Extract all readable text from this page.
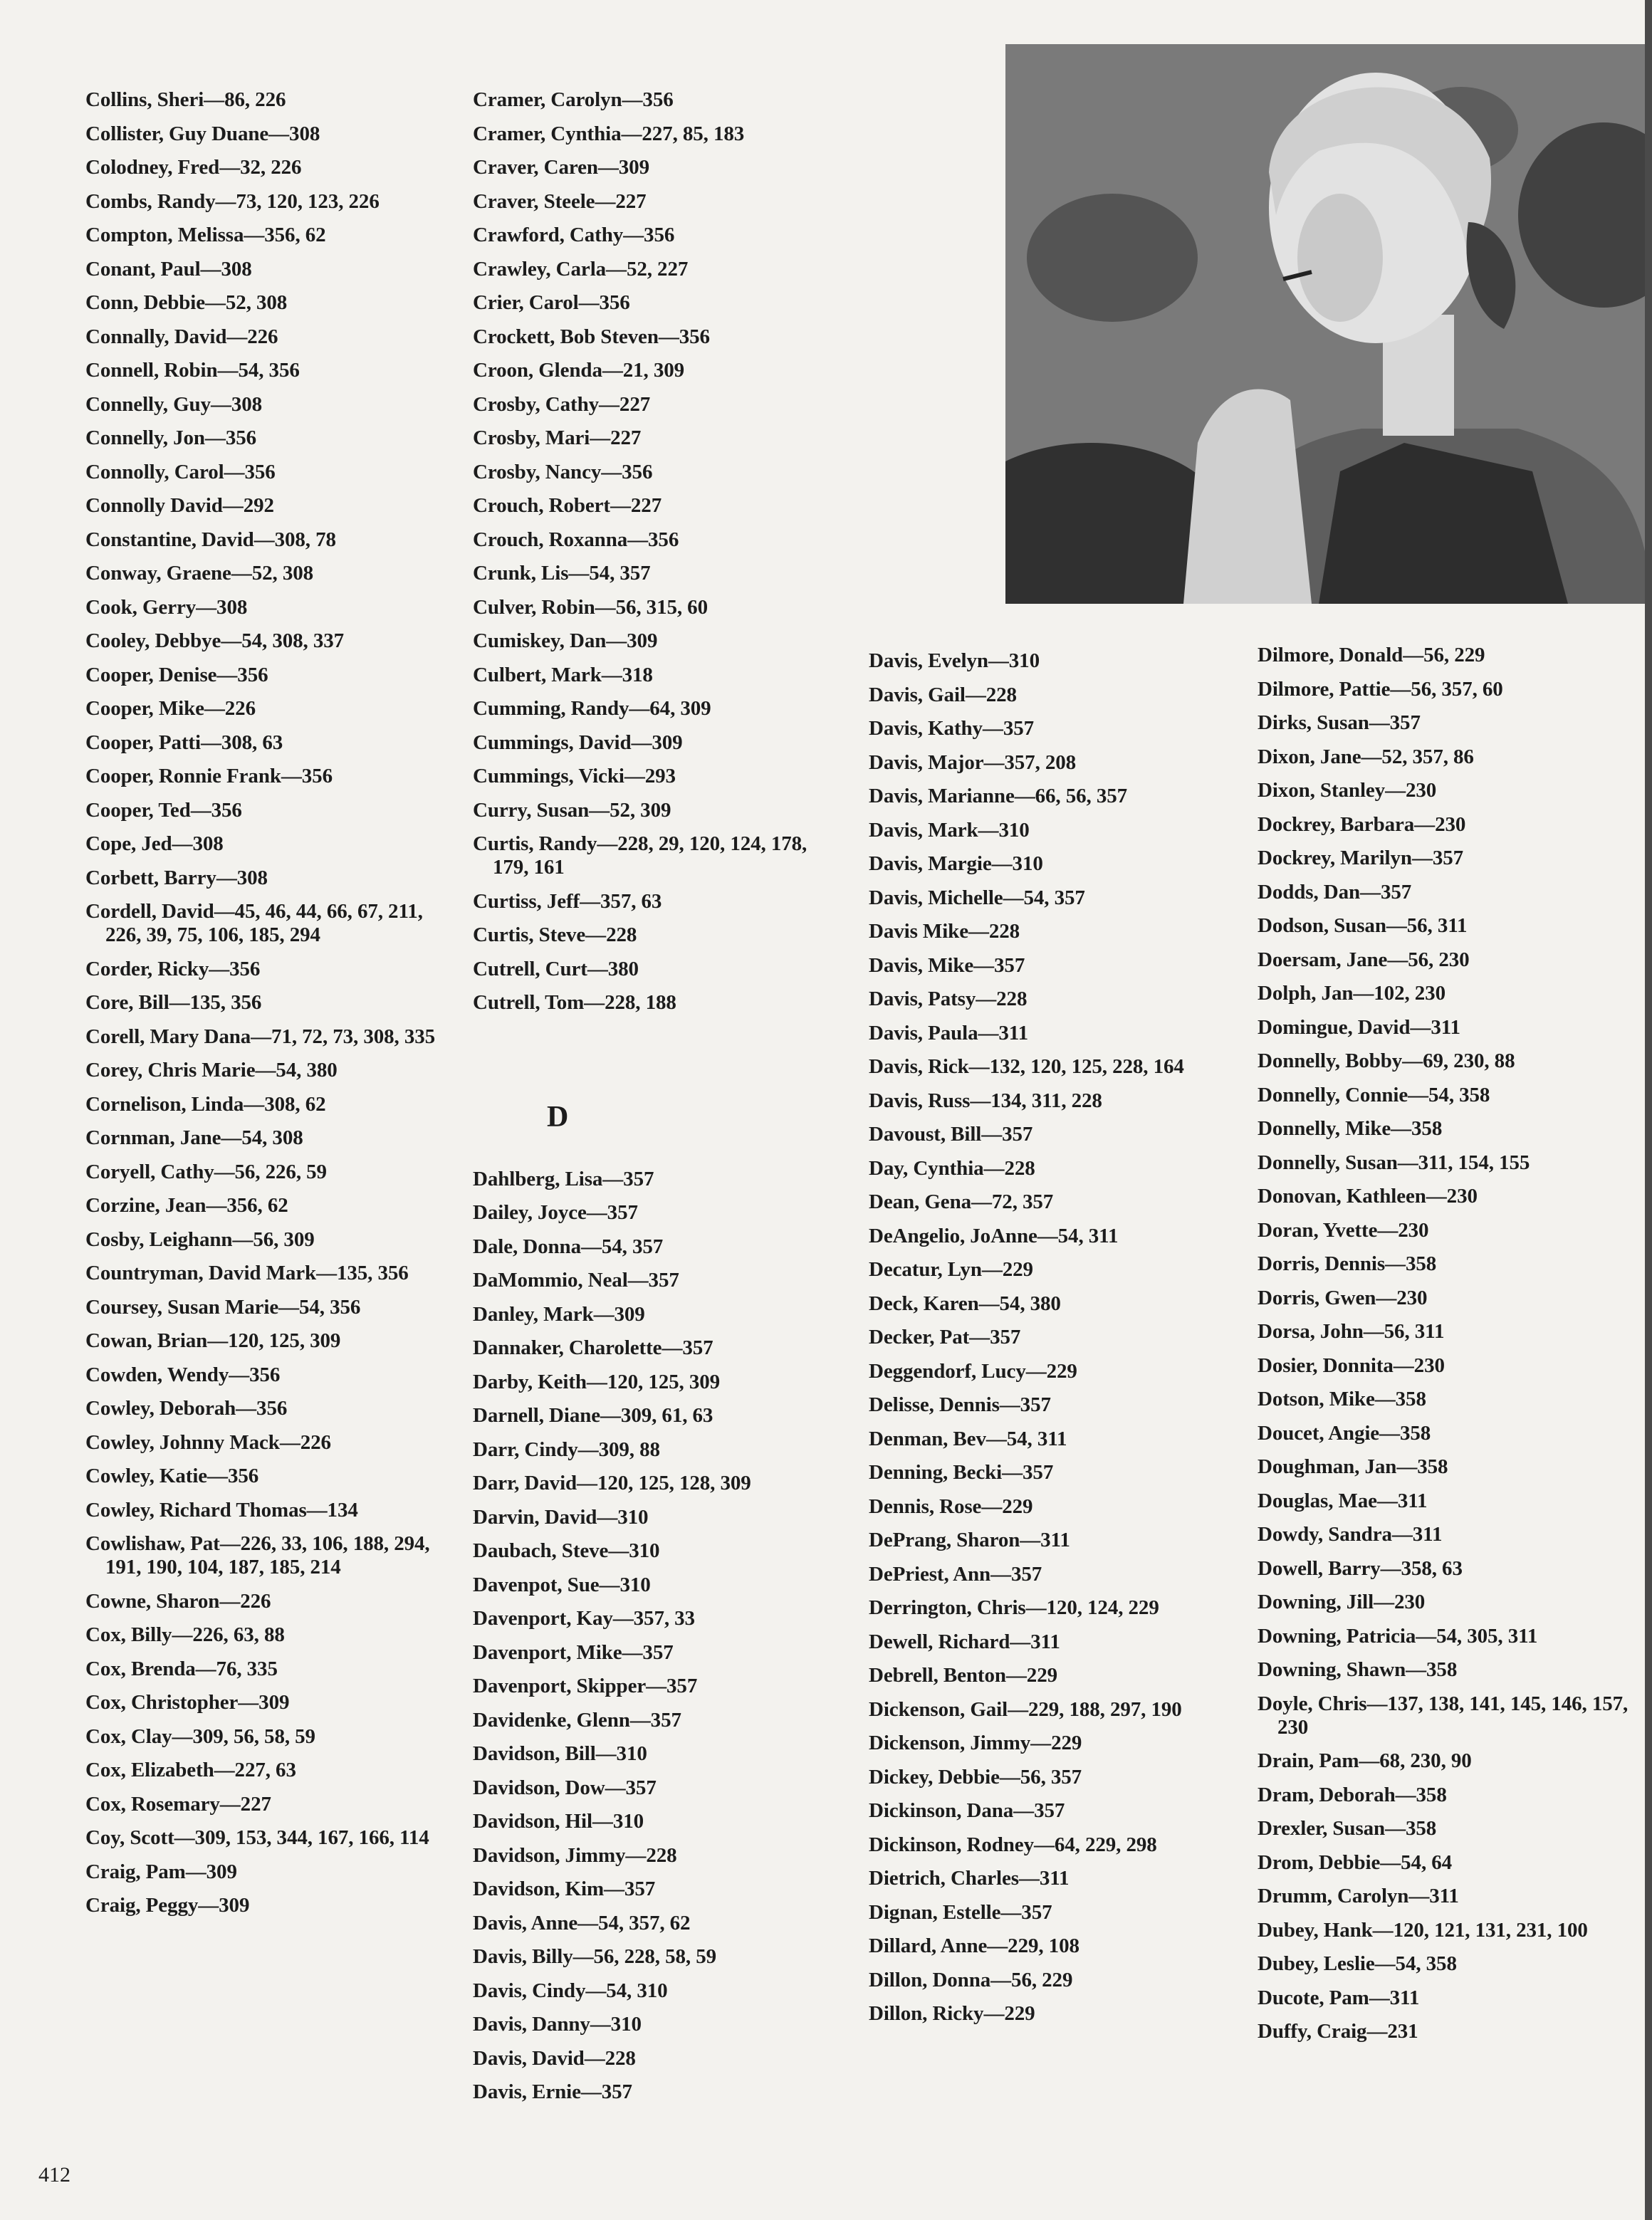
Collins, Sheri—86, 226
Collister, Guy Duane—308
Colodney, Fred—32, 226
Combs, Randy—73, 120, 123, 226
Compton, Melissa—356, 62
Conant, Paul—308
Conn, Debbie—52, 308
Connally, David—226
Connell, Robin—54, 356
Connelly, Guy—308
Connelly, Jon—356
Connolly, Carol—356
Connolly David—292
Constantine, David—308, 78
Conway, Graene—52, 308
Cook, Gerry—308
Cooley, Debbye—54, 308, 337
Cooper, Denise—356
Cooper, Mike—226
Cooper, Patti—308, 63
Cooper, Ronnie Frank—356
Cooper, Ted—356
Cope, Jed—308
Corbett, Barry—308
Cordell, David—45, 46, 44, 66, 67, 211, 226, 39, 75, 106, 185, 294
Corder, Ricky—356
Core, Bill—135, 356
Corell, Mary Dana—71, 72, 73, 308, 335
Corey, Chris Marie—54, 380
Cornelison, Linda—308, 62
Cornman, Jane—54, 308
Coryell, Cathy—56, 226, 59
Corzine, Jean—356, 62
Cosby, Leighann—56, 309
Countryman, David Mark—135, 356
Coursey, Susan Marie—54, 356
Cowan, Brian—120, 125, 309
Cowden, Wendy—356
Cowley, Deborah—356
Cowley, Johnny Mack—226
Cowley, Katie—356
Cowley, Richard Thomas—134
Cowlishaw, Pat—226, 33, 106, 188, 294, 191, 190, 104, 187, 185, 214
Cowne, Sharon—226
Cox, Billy—226, 63, 88
Cox, Brenda—76, 335
Cox, Christopher—309
Cox, Clay—309, 56, 58, 59
Cox, Elizabeth—227, 63
Cox, Rosemary—227
Coy, Scott—309, 153, 344, 167, 166, 114
Craig, Pam—309
Craig, Peggy—309
Cramer, Carolyn—356
Cramer, Cynthia—227, 85, 183
Craver, Caren—309
Craver, Steele—227
Crawford, Cathy—356
Crawley, Carla—52, 227
Crier, Carol—356
Crockett, Bob Steven—356
Croon, Glenda—21, 309
Crosby, Cathy—227
Crosby, Mari—227
Crosby, Nancy—356
Crouch, Robert—227
Crouch, Roxanna—356
Crunk, Lis—54, 357
Culver, Robin—56, 315, 60
Cumiskey, Dan—309
Culbert, Mark—318
Cumming, Randy—64, 309
Cummings, David—309
Cummings, Vicki—293
Curry, Susan—52, 309
Curtis, Randy—228, 29, 120, 124, 178, 179, 161
Curtiss, Jeff—357, 63
Curtis, Steve—228
Cutrell, Curt—380
Cutrell, Tom—228, 188
Dahlberg, Lisa—357
Dailey, Joyce—357
Dale, Donna—54, 357
DaMommio, Neal—357
Danley, Mark—309
Dannaker, Charolette—357
Darby, Keith—120, 125, 309
Darnell, Diane—309, 61, 63
Darr, Cindy—309, 88
Darr, David—120, 125, 128, 309
Darvin, David—310
Daubach, Steve—310
Davenpot, Sue—310
Davenport, Kay—357, 33
Davenport, Mike—357
Davenport, Skipper—357
Davidenke, Glenn—357
Davidson, Bill—310
Davidson, Dow—357
Davidson, Hil—310
Davidson, Jimmy—228
Davidson, Kim—357
Davis, Anne—54, 357, 62
Davis, Billy—56, 228, 58, 59
Davis, Cindy—54, 310
Davis, Danny—310
Davis, David—228
Davis, Ernie—357
D
Davis, Evelyn—310
Davis, Gail—228
Davis, Kathy—357
Davis, Major—357, 208
Davis, Marianne—66, 56, 357
Davis, Mark—310
Davis, Margie—310
Davis, Michelle—54, 357
Davis Mike—228
Davis, Mike—357
Davis, Patsy—228
Davis, Paula—311
Davis, Rick—132, 120, 125, 228, 164
Davis, Russ—134, 311, 228
Davoust, Bill—357
Day, Cynthia—228
Dean, Gena—72, 357
DeAngelio, JoAnne—54, 311
Decatur, Lyn—229
Deck, Karen—54, 380
Decker, Pat—357
Deggendorf, Lucy—229
Delisse, Dennis—357
Denman, Bev—54, 311
Denning, Becki—357
Dennis, Rose—229
DePrang, Sharon—311
DePriest, Ann—357
Derrington, Chris—120, 124, 229
Dewell, Richard—311
Debrell, Benton—229
Dickenson, Gail—229, 188, 297, 190
Dickenson, Jimmy—229
Dickey, Debbie—56, 357
Dickinson, Dana—357
Dickinson, Rodney—64, 229, 298
Dietrich, Charles—311
Dignan, Estelle—357
Dillard, Anne—229, 108
Dillon, Donna—56, 229
Dillon, Ricky—229
Dilmore, Donald—56, 229
Dilmore, Pattie—56, 357, 60
Dirks, Susan—357
Dixon, Jane—52, 357, 86
Dixon, Stanley—230
Dockrey, Barbara—230
Dockrey, Marilyn—357
Dodds, Dan—357
Dodson, Susan—56, 311
Doersam, Jane—56, 230
Dolph, Jan—102, 230
Domingue, David—311
Donnelly, Bobby—69, 230, 88
Donnelly, Connie—54, 358
Donnelly, Mike—358
Donnelly, Susan—311, 154, 155
Donovan, Kathleen—230
Doran, Yvette—230
Dorris, Dennis—358
Dorris, Gwen—230
Dorsa, John—56, 311
Dosier, Donnita—230
Dotson, Mike—358
Doucet, Angie—358
Doughman, Jan—358
Douglas, Mae—311
Dowdy, Sandra—311
Dowell, Barry—358, 63
Downing, Jill—230
Downing, Patricia—54, 305, 311
Downing, Shawn—358
Doyle, Chris—137, 138, 141, 145, 146, 157, 230
Drain, Pam—68, 230, 90
Dram, Deborah—358
Drexler, Susan—358
Drom, Debbie—54, 64
Drumm, Carolyn—311
Dubey, Hank—120, 121, 131, 231, 100
Dubey, Leslie—54, 358
Ducote, Pam—311
Duffy, Craig—231
412
